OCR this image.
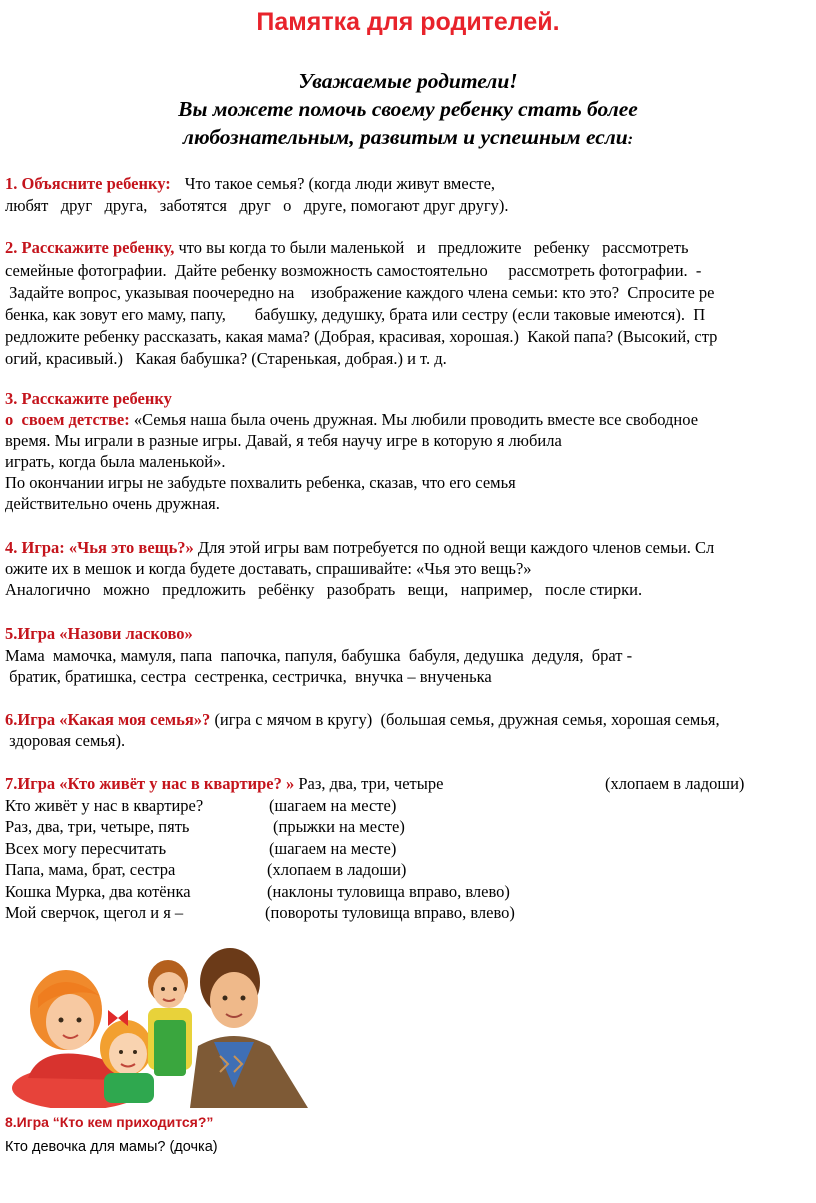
Памятка для родителей.
Уважаемые родители!
Вы можете помочь своему ребенку стать более
любознательным, развитым и успешным если:
1. Объясните ребенку: Что такое семья? (когда люди живут вместе,
любят   друг   друга,   заботятся   друг   о   друге, помогают друг другу).
2. Расскажите ребенку, что вы когда то были маленькой   и   предложите   ребенку   рассмотреть
семейные фотографии.  Дайте ребенку возможность самостоятельно     рассмотреть фотографии.  -
Задайте вопрос, указывая поочередно на    изображение каждого члена семьи: кто это?  Спросите ре
бенка, как зовут его маму, папу,       бабушку, дедушку, брата или сестру (если таковые имеются).  П
редложите ребенку рассказать, какая мама? (Добрая, красивая, хорошая.)  Какой папа? (Высокий, стр
огий, красивый.)   Какая бабушка? (Старенькая, добрая.) и т. д.
3. Расскажите ребенку
о  своем детстве: «Семья наша была очень дружная. Мы любили проводить вместе все свободное
время. Мы играли в разные игры. Давай, я тебя научу игре в которую я любила
играть, когда была маленькой».
По окончании игры не забудьте похвалить ребенка, сказав, что его семья
действительно очень дружная.
4. Игра: «Чья это вещь?» Для этой игры вам потребуется по одной вещи каждого членов семьи. Сл
ожите их в мешок и когда будете доставать, спрашивайте: «Чья это вещь?»
Аналогично   можно   предложить   ребёнку   разобрать   вещи,   например,   после стирки.
5.Игра «Назови ласково»
Мама  мамочка, мамуля, папа  папочка, папуля, бабушка  бабуля, дедушка  дедуля,  брат -
братик, братишка, сестра  сестренка, сестричка,  внучка – внученька
6.Игра «Какая моя семья»? (игра с мячом в кругу)  (большая семья, дружная семья, хорошая семья,
здоровая семья).
7.Игра «Кто живёт у нас в квартире? » Раз, два, три, четыре	(хлопаем в ладоши)
Кто живёт у нас в квартире?	(шагаем на месте)
Раз, два, три, четыре, пять	(прыжки на месте)
Всех могу пересчитать	(шагаем на месте)
Папа, мама, брат, сестра	(хлопаем в ладоши)
Кошка Мурка, два котёнка	(наклоны туловища вправо, влево)
Мой сверчок, щегол и я –	(повороты туловища вправо, влево)
8.Игра “Кто кем приходится?”
Кто девочка для мамы? (дочка)
